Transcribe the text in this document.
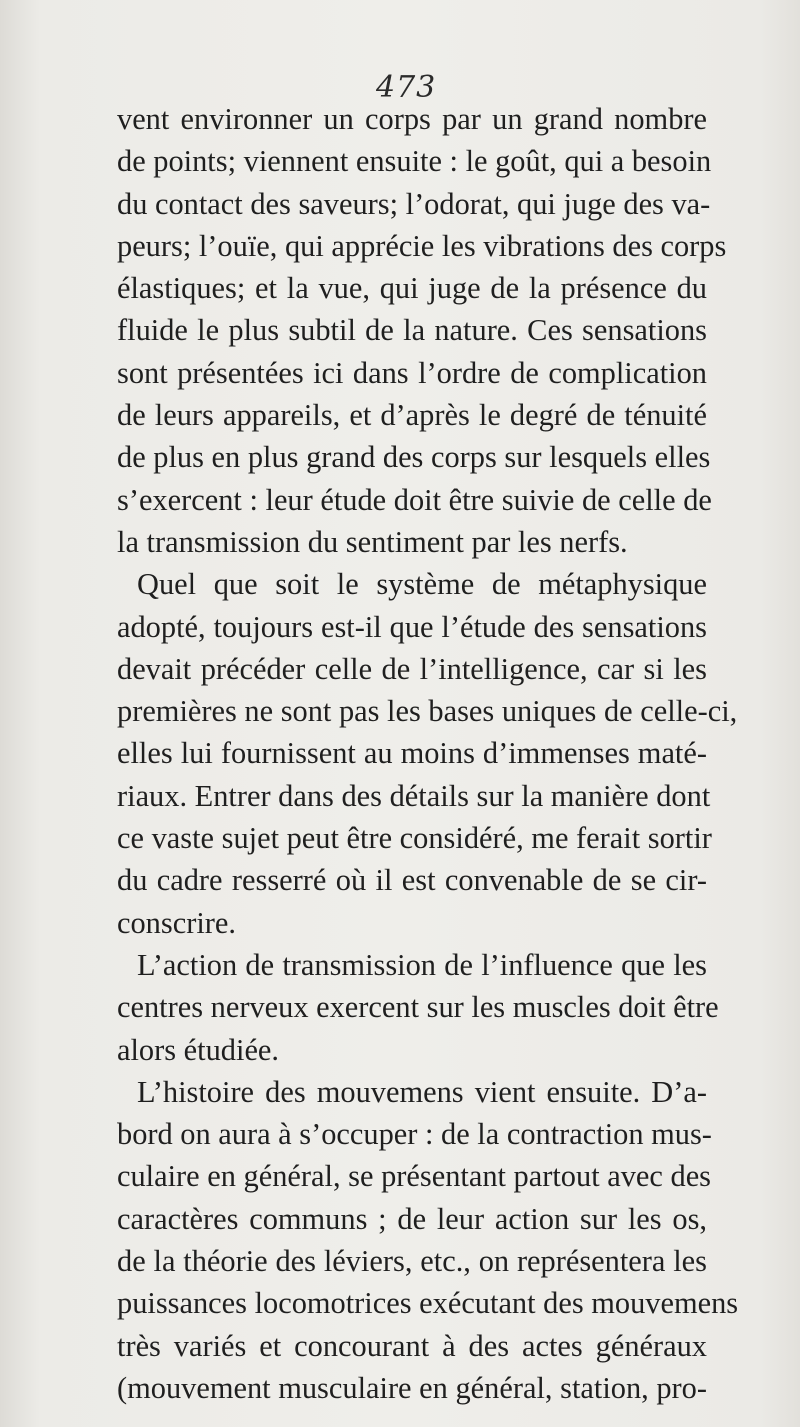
473
vent environner un corps par un grand nombre
de points; viennent ensuite : le goût, qui a besoin
du contact des saveurs; l’odorat, qui juge des va-
peurs; l’ouïe, qui apprécie les vibrations des corps
élastiques; et la vue, qui juge de la présence du
fluide le plus subtil de la nature. Ces sensations
sont présentées ici dans l’ordre de complication
de leurs appareils, et d’après le degré de ténuité
de plus en plus grand des corps sur lesquels elles
s’exercent : leur étude doit être suivie de celle de
la transmission du sentiment par les nerfs.
Quel que soit le système de métaphysique
adopté, toujours est-il que l’étude des sensations
devait précéder celle de l’intelligence, car si les
premières ne sont pas les bases uniques de celle-ci,
elles lui fournissent au moins d’immenses maté-
riaux. Entrer dans des détails sur la manière dont
ce vaste sujet peut être considéré, me ferait sortir
du cadre resserré où il est convenable de se cir-
conscrire.
L’action de transmission de l’influence que les
centres nerveux exercent sur les muscles doit être
alors étudiée.
L’histoire des mouvemens vient ensuite. D’a-
bord on aura à s’occuper : de la contraction mus-
culaire en général, se présentant partout avec des
caractères communs ; de leur action sur les os,
de la théorie des léviers, etc., on représentera les
puissances locomotrices exécutant des mouvemens
très variés et concourant à des actes généraux
(mouvement musculaire en général, station, pro-
